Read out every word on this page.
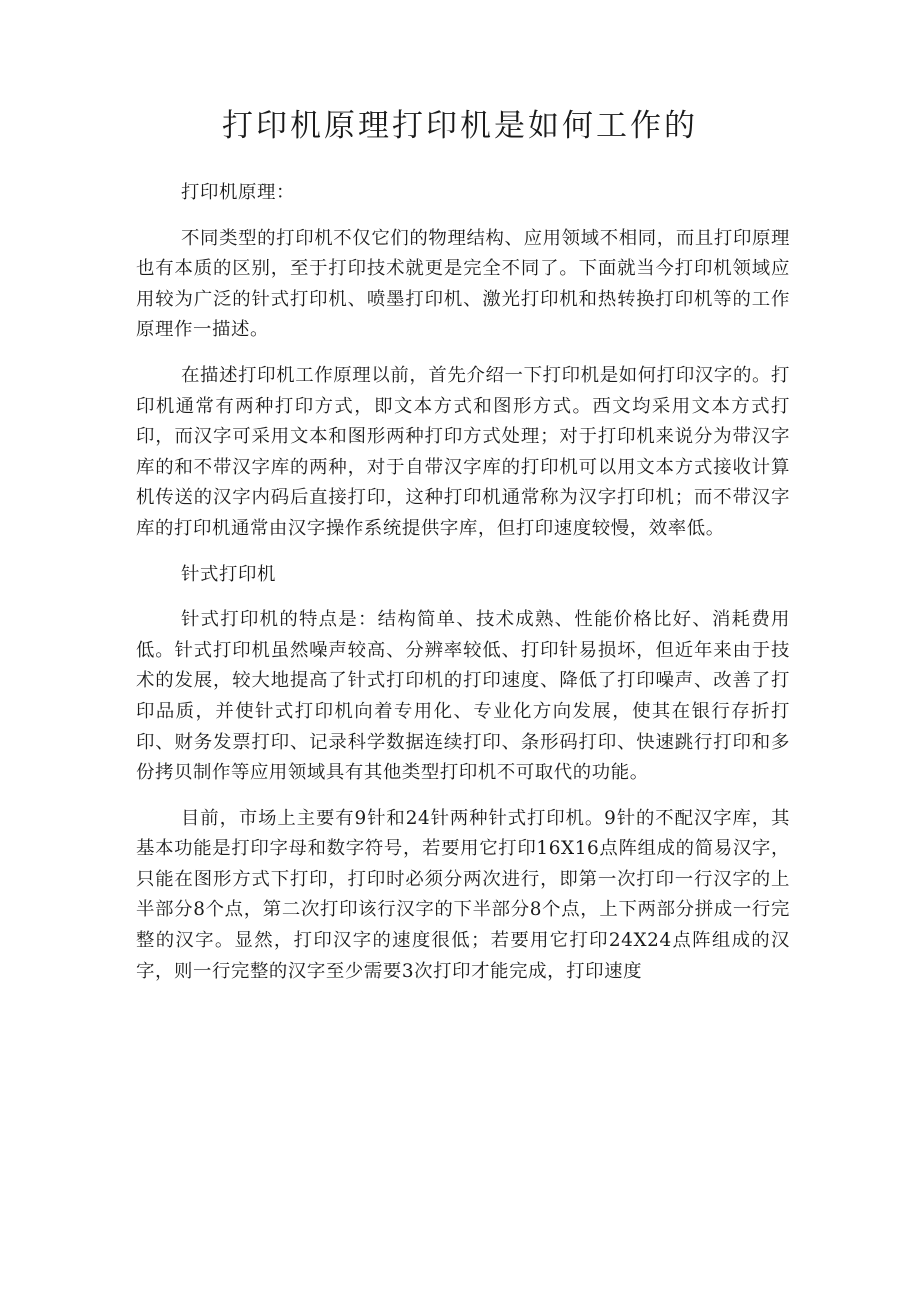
打印机原理打印机是如何工作的

打印机原理：

不同类型的打印机不仅它们的物理结构、应用领域不相同，而且打印原理也有本质的区别，至于打印技术就更是完全不同了。下面就当今打印机领域应用较为广泛的针式打印机、喷墨打印机、激光打印机和热转换打印机等的工作原理作一描述。

在描述打印机工作原理以前，首先介绍一下打印机是如何打印汉字的。打印机通常有两种打印方式，即文本方式和图形方式。西文均采用文本方式打印，而汉字可采用文本和图形两种打印方式处理；对于打印机来说分为带汉字库的和不带汉字库的两种，对于自带汉字库的打印机可以用文本方式接收计算机传送的汉字内码后直接打印，这种打印机通常称为汉字打印机；而不带汉字库的打印机通常由汉字操作系统提供字库，但打印速度较慢，效率低。

针式打印机

针式打印机的特点是：结构简单、技术成熟、性能价格比好、消耗费用低。针式打印机虽然噪声较高、分辨率较低、打印针易损坏，但近年来由于技术的发展，较大地提高了针式打印机的打印速度、降低了打印噪声、改善了打印品质，并使针式打印机向着专用化、专业化方向发展，使其在银行存折打印、财务发票打印、记录科学数据连续打印、条形码打印、快速跳行打印和多份拷贝制作等应用领域具有其他类型打印机不可取代的功能。

目前，市场上主要有9针和24针两种针式打印机。9针的不配汉字库，其基本功能是打印字母和数字符号，若要用它打印16X16点阵组成的简易汉字，只能在图形方式下打印，打印时必须分两次进行，即第一次打印一行汉字的上半部分8个点，第二次打印该行汉字的下半部分8个点，上下两部分拼成一行完整的汉字。显然，打印汉字的速度很低；若要用它打印24X24点阵组成的汉字，则一行完整的汉字至少需要3次打印才能完成，打印速度
